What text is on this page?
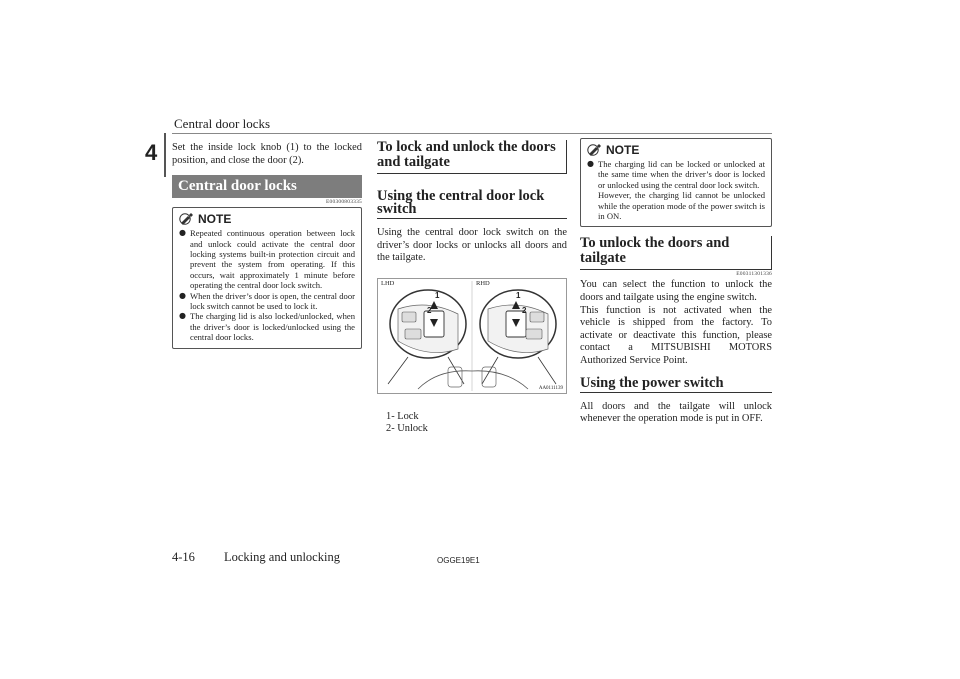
Central door locks
4	Set the inside lock knob (1) to the locked position, and close the door (2).

Central door locks
E00300803335
NOTE
● Repeated continuous operation between lock and unlock could activate the central door locking systems built-in protection circuit and prevent the system from operating. If this occurs, wait approximately 1 minute before operating the central door lock switch.
● When the driver’s door is open, the central door lock switch cannot be used to lock it.
● The charging lid is also locked/unlocked, when the driver’s door is locked/unlocked using the central door locks.
To lock and unlock the doors and tailgate
Using the central door lock switch

Using the central door lock switch on the driver’s door locks or unlocks all doors and the tailgate.

LHD	RHD
1
2
1
2
AA0111139
1- Lock
2- Unlock
NOTE
● The charging lid can be locked or unlocked at the same time when the driver’s door is locked or unlocked using the central door lock switch.
However, the charging lid cannot be unlocked while the operation mode of the power switch is in ON.
To unlock the doors and tailgate
E00311301336

You can select the function to unlock the doors and tailgate using the engine switch.

This function is not activated when the vehicle is shipped from the factory. To activate or deactivate this function, please contact a MITSUBISHI MOTORS Authorized Service Point.

Using the power switch

All doors and the tailgate will unlock whenever the operation mode is put in OFF.

4-16 Locking and unlocking	OGGE19E1
